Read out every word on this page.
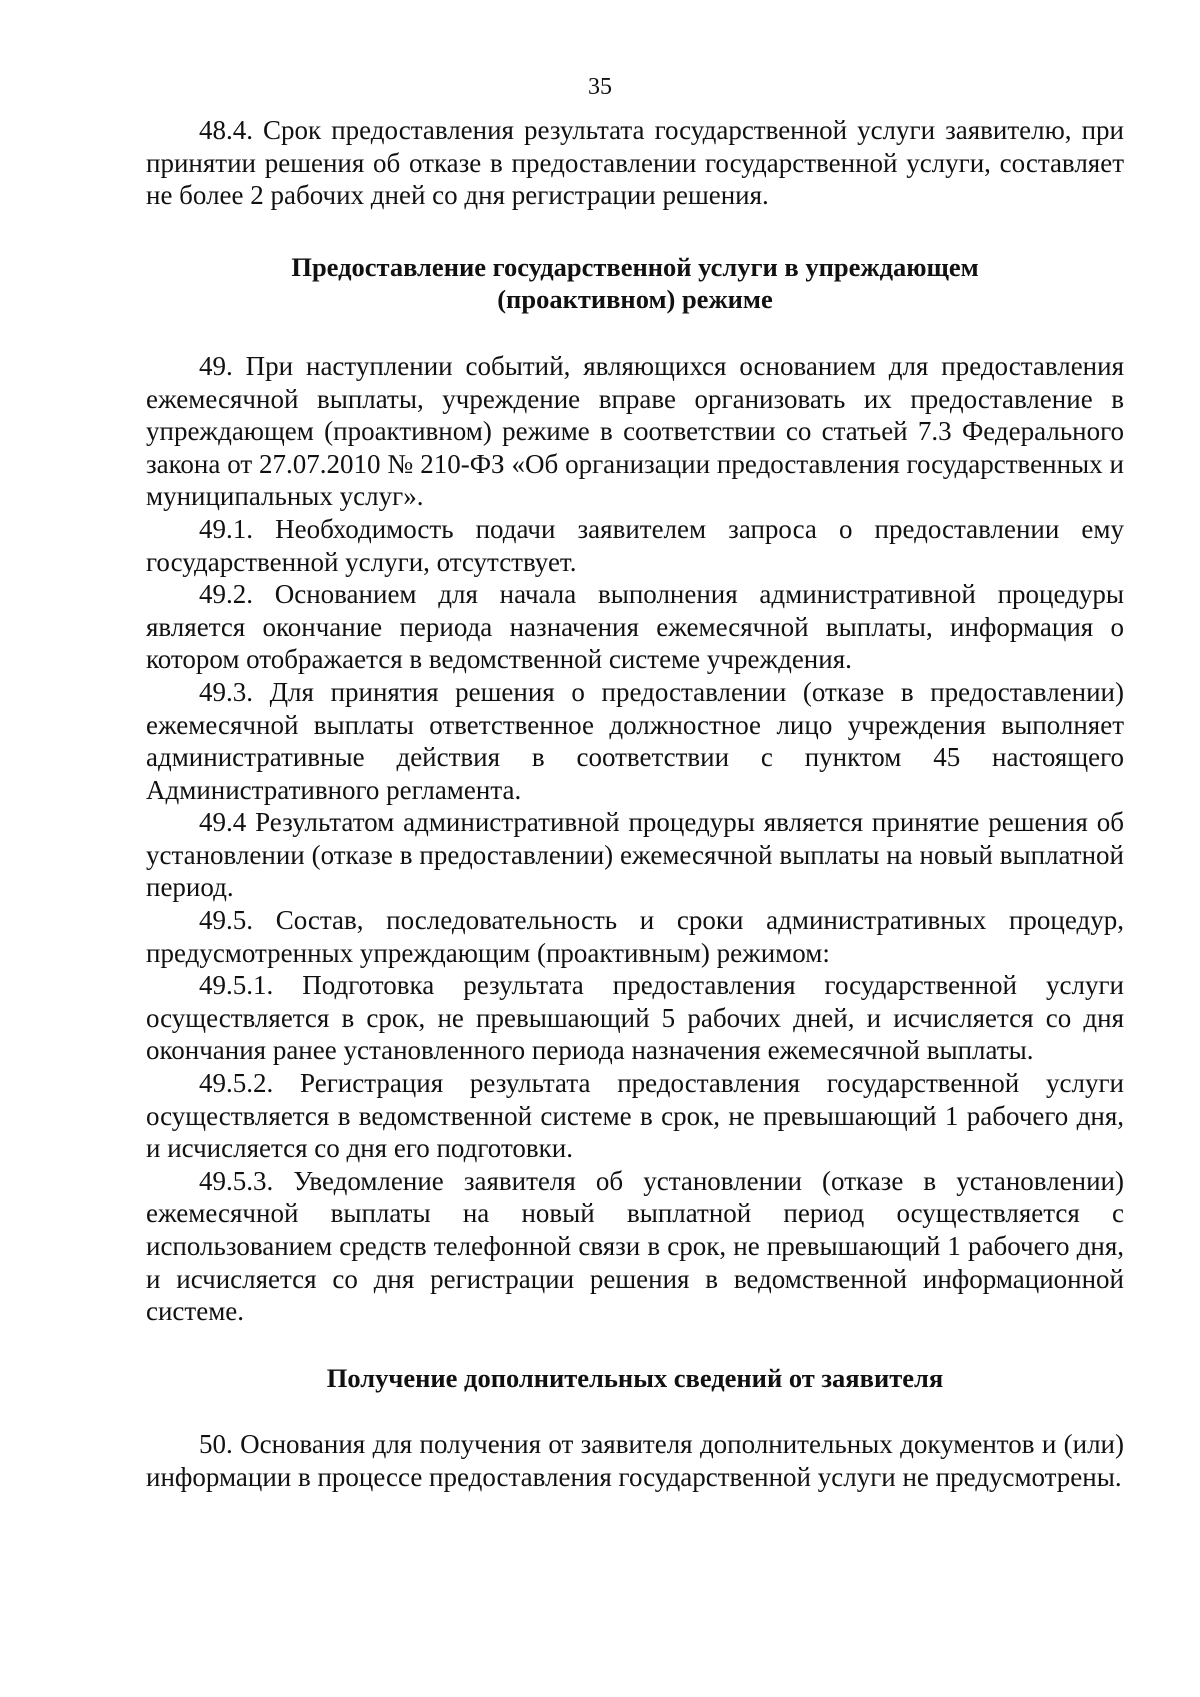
35

48.4. Срок предоставления результата государственной услуги заявителю, при принятии решения об отказе в предоставлении государственной услуги, составляет не более 2 рабочих дней со дня регистрации решения.

Предоставление государственной услуги в упреждающем
(проактивном) режиме

49. При наступлении событий, являющихся основанием для предоставления ежемесячной выплаты, учреждение вправе организовать их предоставление в упреждающем (проактивном) режиме в соответствии со статьей 7.3 Федерального закона от 27.07.2010 № 210-ФЗ «Об организации предоставления государственных и муниципальных услуг».

49.1. Необходимость подачи заявителем запроса о предоставлении ему государственной услуги, отсутствует.

49.2. Основанием для начала выполнения административной процедуры является окончание периода назначения ежемесячной выплаты, информация о котором отображается в ведомственной системе учреждения.

49.3. Для принятия решения о предоставлении (отказе в предоставлении) ежемесячной выплаты ответственное должностное лицо учреждения выполняет административные действия в соответствии с пунктом 45 настоящего Административного регламента.

49.4 Результатом административной процедуры является принятие решения об установлении (отказе в предоставлении) ежемесячной выплаты на новый выплатной период.

49.5. Состав, последовательность и сроки административных процедур, предусмотренных упреждающим (проактивным) режимом:

49.5.1. Подготовка результата предоставления государственной услуги осуществляется в срок, не превышающий 5 рабочих дней, и исчисляется со дня окончания ранее установленного периода назначения ежемесячной выплаты.

49.5.2. Регистрация результата предоставления государственной услуги осуществляется в ведомственной системе в срок, не превышающий 1 рабочего дня, и исчисляется со дня его подготовки.

49.5.3. Уведомление заявителя об установлении (отказе в установлении) ежемесячной выплаты на новый выплатной период осуществляется с использованием средств телефонной связи в срок, не превышающий 1 рабочего дня, и исчисляется со дня регистрации решения в ведомственной информационной системе.

Получение дополнительных сведений от заявителя

50. Основания для получения от заявителя дополнительных документов и (или) информации в процессе предоставления государственной услуги не предусмотрены.
